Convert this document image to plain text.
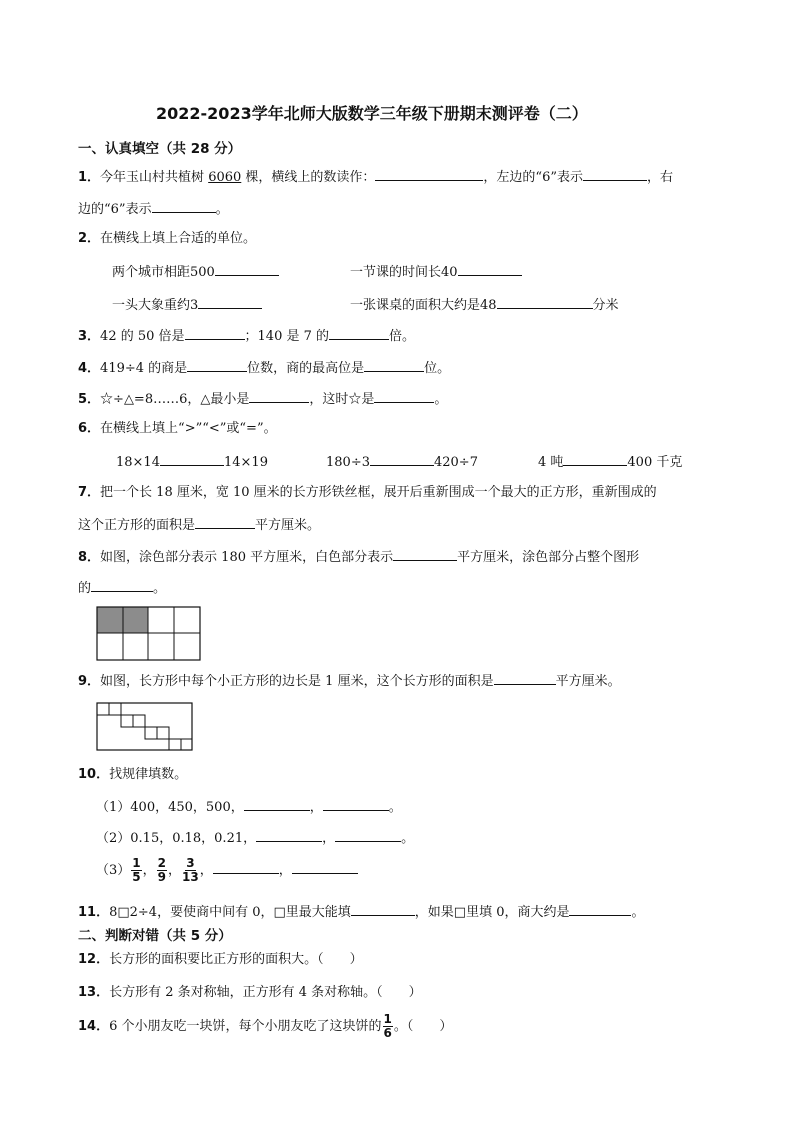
2022-2023学年北师大版数学三年级下册期末测评卷（二）
一、认真填空（共 28 分）
1．今年玉山村共植树 6060 棵，横线上的数读作：	，左边的“6”表示	，右
边的“6”表示	。
2．在横线上填上合适的单位。
两个城市相距500	一节课的时间长40
一头大象重约3	一张课桌的面积大约是48	分米
3．42 的 50 倍是	；140 是 7 的	倍。
4．419÷4 的商是	位数，商的最高位是	位。
5．☆÷△=8……6，△最小是	，这时☆是	。
6．在横线上填上“>”“<”或“=”。
18×14	14×19	180÷3	420÷7	4 吨	400 千克
7．把一个长 18 厘米，宽 10 厘米的长方形铁丝框，展开后重新围成一个最大的正方形，重新围成的
这个正方形的面积是	平方厘米。
8．如图，涂色部分表示 180 平方厘米，白色部分表示	平方厘米，涂色部分占整个图形
的	。
9．如图，长方形中每个小正方形的边长是 1 厘米，这个长方形的面积是	平方厘米。
10．找规律填数。
（1）400，450，500，	，	。
（2）0.15，0.18，0.21，	，	。
$(3) \frac{1}{5}$ ， $\frac{2}{9}$ ， $\frac{3}{13}$ ，	，
11．8□2÷4，要使商中间有 0，□里最大能填	，如果□里填 0，商大约是	。
二、判断对错（共 5 分）
12．长方形的面积要比正方形的面积大。（　　）
13．长方形有 2 条对称轴，正方形有 4 条对称轴。（　　）
14．6 个小朋友吃一块饼，每个小朋友吃了这块饼的 $\frac{1}{6}$ 。（　　）
